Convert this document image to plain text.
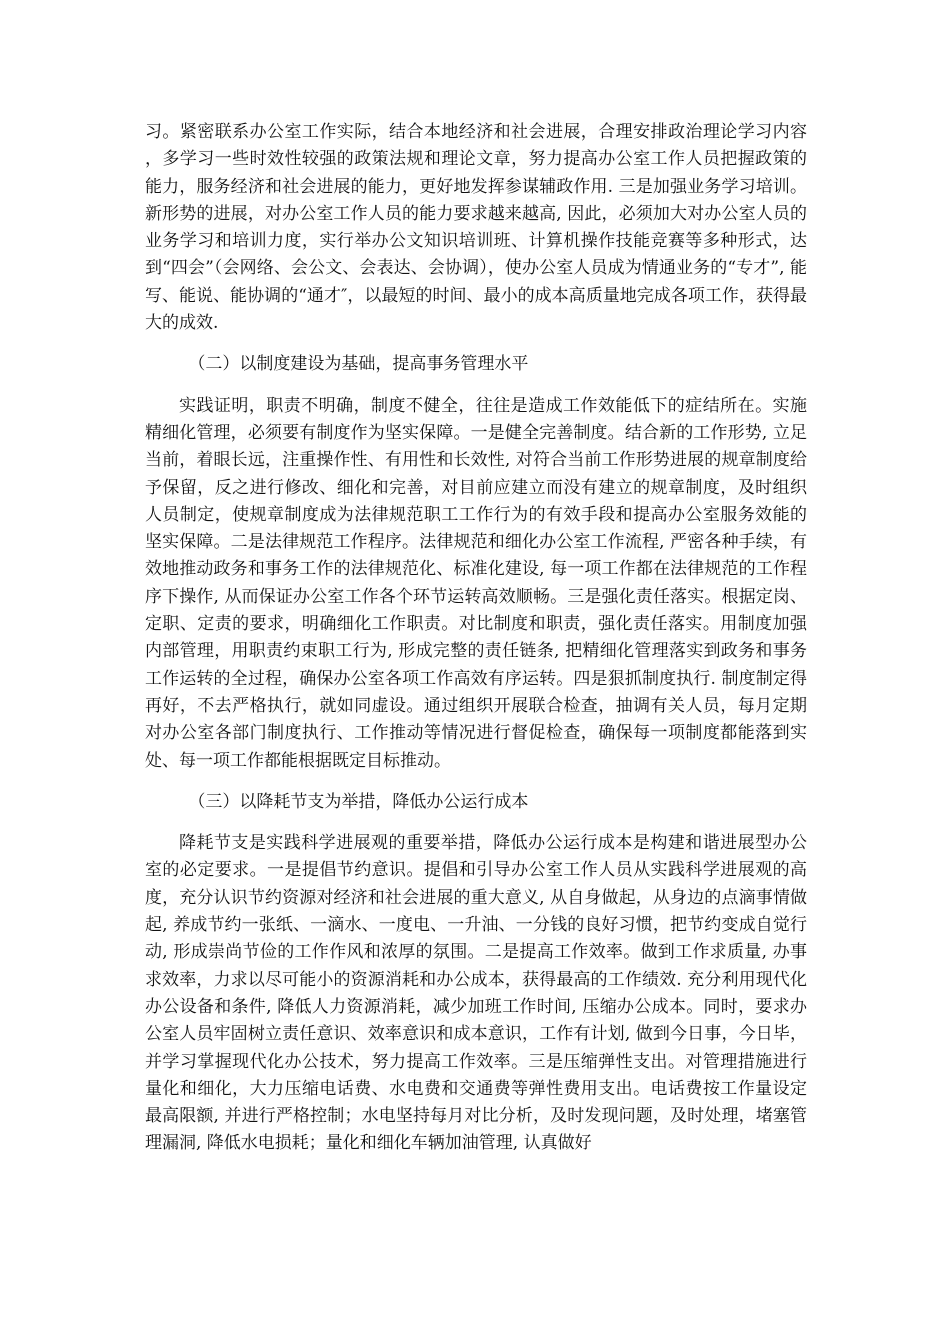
习。紧密联系办公室工作实际，结合本地经济和社会进展，合理安排政治理论学习内容，多学习一些时效性较强的政策法规和理论文章，努力提高办公室工作人员把握政策的能力，服务经济和社会进展的能力，更好地发挥参谋辅政作用. 三是加强业务学习培训。新形势的进展，对办公室工作人员的能力要求越来越高, 因此，必须加大对办公室人员的业务学习和培训力度，实行举办公文知识培训班、计算机操作技能竞赛等多种形式，达到“四会”（会网络、会公文、会表达、会协调），使办公室人员成为情通业务的“专才”, 能写、能说、能协调的“通才″，以最短的时间、最小的成本高质量地完成各项工作，获得最大的成效.

（二）以制度建设为基础，提高事务管理水平

实践证明，职责不明确，制度不健全，往往是造成工作效能低下的症结所在。实施精细化管理，必须要有制度作为坚实保障。一是健全完善制度。结合新的工作形势, 立足当前，着眼长远，注重操作性、有用性和长效性, 对符合当前工作形势进展的规章制度给予保留，反之进行修改、细化和完善，对目前应建立而没有建立的规章制度，及时组织人员制定，使规章制度成为法律规范职工工作行为的有效手段和提高办公室服务效能的坚实保障。二是法律规范工作程序。法律规范和细化办公室工作流程, 严密各种手续，有效地推动政务和事务工作的法律规范化、标准化建设, 每一项工作都在法律规范的工作程序下操作, 从而保证办公室工作各个环节运转高效顺畅。三是强化责任落实。根据定岗、定职、定责的要求，明确细化工作职责。对比制度和职责，强化责任落实。用制度加强内部管理，用职责约束职工行为, 形成完整的责任链条, 把精细化管理落实到政务和事务工作运转的全过程，确保办公室各项工作高效有序运转。四是狠抓制度执行. 制度制定得再好，不去严格执行，就如同虚设。通过组织开展联合检查，抽调有关人员，每月定期对办公室各部门制度执行、工作推动等情况进行督促检查，确保每一项制度都能落到实处、每一项工作都能根据既定目标推动。

（三）以降耗节支为举措，降低办公运行成本

降耗节支是实践科学进展观的重要举措，降低办公运行成本是构建和谐进展型办公室的必定要求。一是提倡节约意识。提倡和引导办公室工作人员从实践科学进展观的高度，充分认识节约资源对经济和社会进展的重大意义, 从自身做起，从身边的点滴事情做起, 养成节约一张纸、一滴水、一度电、一升油、一分钱的良好习惯，把节约变成自觉行动, 形成崇尚节俭的工作作风和浓厚的氛围。二是提高工作效率。做到工作求质量, 办事求效率，力求以尽可能小的资源消耗和办公成本，获得最高的工作绩效. 充分利用现代化办公设备和条件, 降低人力资源消耗，减少加班工作时间, 压缩办公成本。同时，要求办公室人员牢固树立责任意识、效率意识和成本意识，工作有计划, 做到今日事，今日毕，并学习掌握现代化办公技术，努力提高工作效率。三是压缩弹性支出。对管理措施进行量化和细化，大力压缩电话费、水电费和交通费等弹性费用支出。电话费按工作量设定最高限额, 并进行严格控制；水电坚持每月对比分析，及时发现问题，及时处理，堵塞管理漏洞, 降低水电损耗；量化和细化车辆加油管理, 认真做好
